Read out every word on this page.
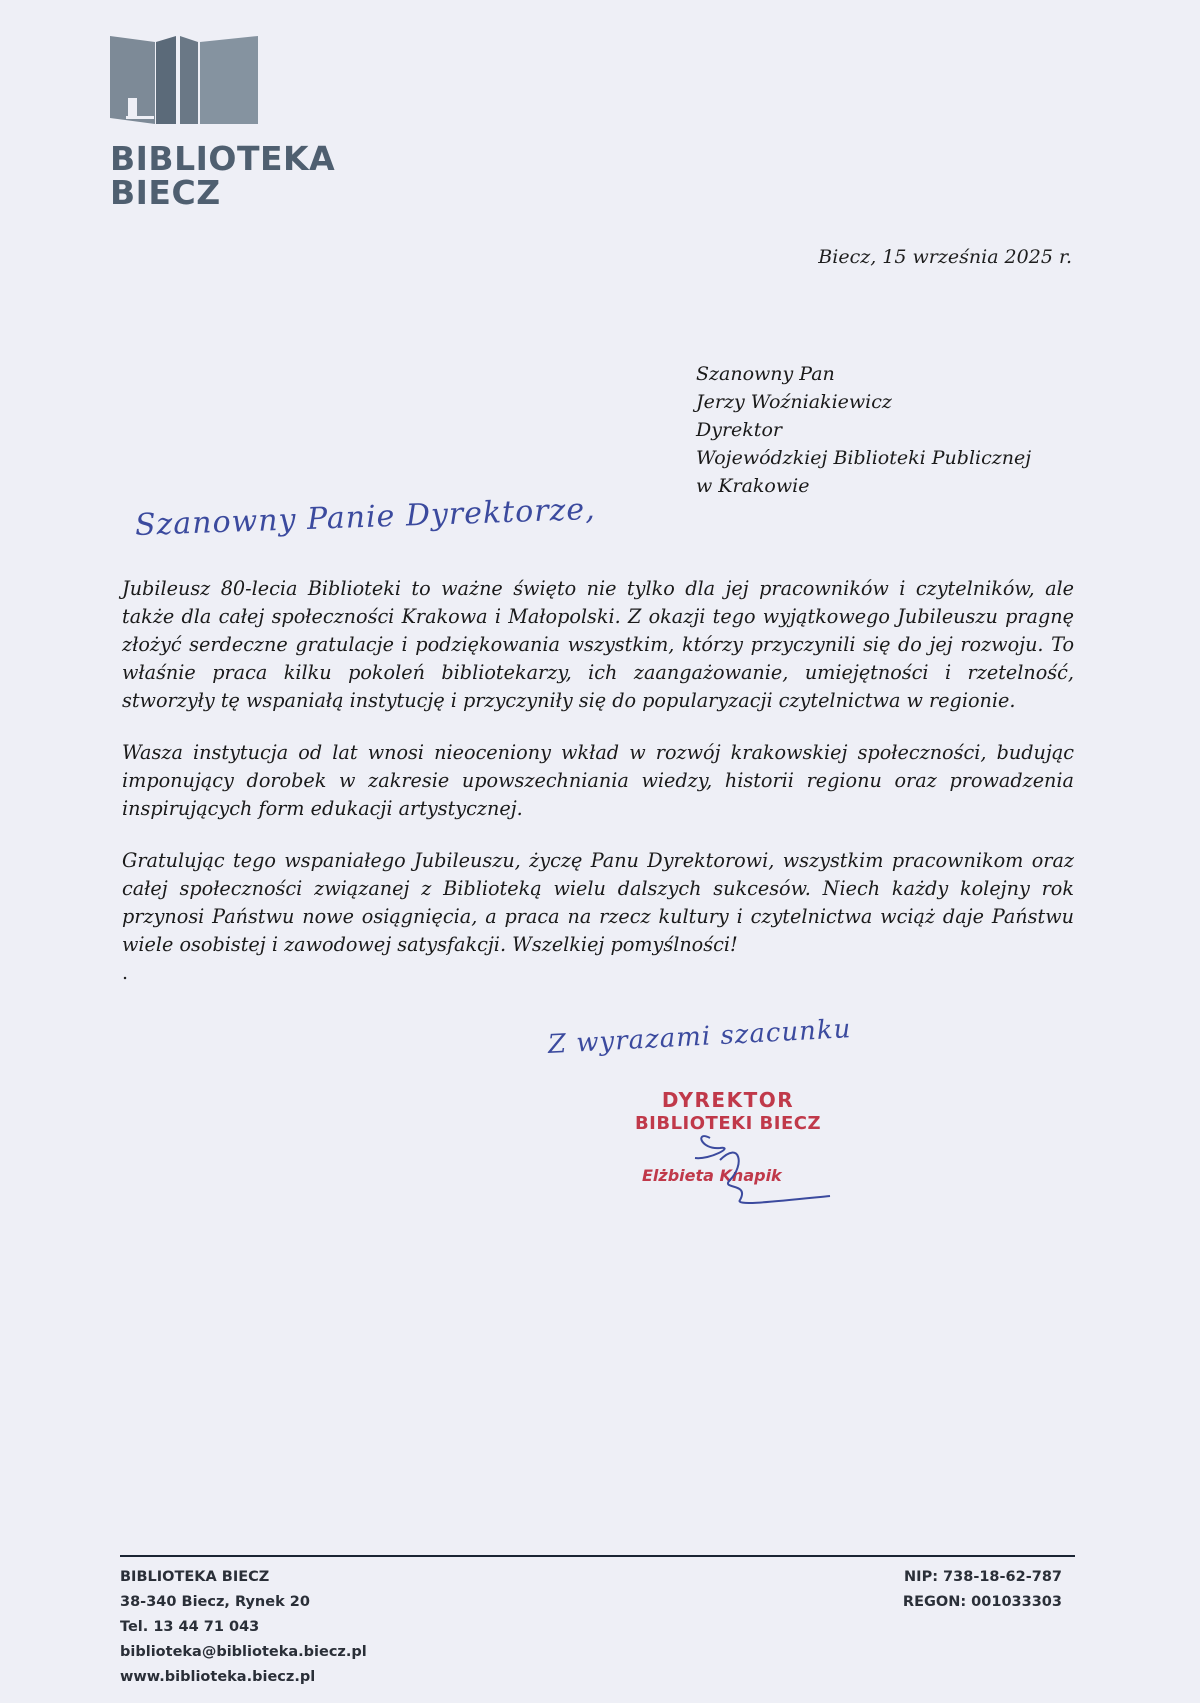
BIBLIOTEKA
BIECZ
Biecz, 15 września 2025 r.
Szanowny Pan
Jerzy Woźniakiewicz
Dyrektor
Wojewódzkiej Biblioteki Publicznej
w Krakowie
Szanowny Panie Dyrektorze,

Jubileusz 80-lecia Biblioteki to ważne święto nie tylko dla jej pracowników i czytelników, ale także dla całej społeczności Krakowa i Małopolski. Z okazji tego wyjątkowego Jubileuszu pragnę złożyć serdeczne gratulacje i podziękowania wszystkim, którzy przyczynili się do jej rozwoju. To właśnie praca kilku pokoleń bibliotekarzy, ich zaangażowanie, umiejętności i rzetelność, stworzyły tę wspaniałą instytucję i przyczyniły się do popularyzacji czytelnictwa w regionie.

Wasza instytucja od lat wnosi nieoceniony wkład w rozwój krakowskiej społeczności, budując imponujący dorobek w zakresie upowszechniania wiedzy, historii regionu oraz prowadzenia inspirujących form edukacji artystycznej.

Gratulując tego wspaniałego Jubileuszu, życzę Panu Dyrektorowi, wszystkim pracownikom oraz całej społeczności związanej z Biblioteką wielu dalszych sukcesów. Niech każdy kolejny rok przynosi Państwu nowe osiągnięcia, a praca na rzecz kultury i czytelnictwa wciąż daje Państwu wiele osobistej i zawodowej satysfakcji. Wszelkiej pomyślności!

.
Z wyrazami szacunku
DYREKTOR
BIBLIOTEKI BIECZ
Elżbieta Knapik
BIBLIOTEKA BIECZ
38-340 Biecz, Rynek 20
Tel. 13 44 71 043
biblioteka@biblioteka.biecz.pl
www.biblioteka.biecz.pl
NIP: 738-18-62-787
REGON: 001033303
